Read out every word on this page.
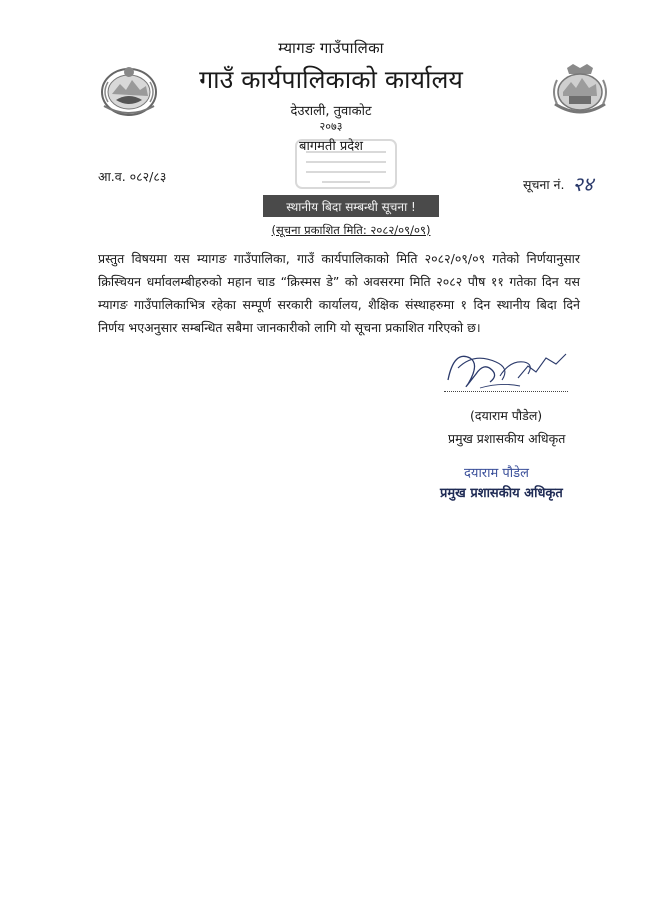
म्यागङ गाउँपालिका
गाउँ कार्यपालिकाको कार्यालय
देउराली, तुवाकोट
२०७३
बागमती प्रदेश
आ.व. ०८२/८३
सूचना नं. २४
स्थानीय बिदा सम्बन्धी सूचना !
(सूचना प्रकाशित मिति: २०८२/०९/०९)
प्रस्तुत विषयमा यस म्यागङ गाउँपालिका, गाउँ कार्यपालिकाको मिति २०८२/०९/०९ गतेको निर्णयानुसार क्रिस्चियन धर्मावलम्बीहरुको महान चाड “क्रिस्मस डे” को अवसरमा मिति २०८२ पौष ११ गतेका दिन यस म्यागङ गाउँपालिकाभित्र रहेका सम्पूर्ण सरकारी कार्यालय, शैक्षिक संस्थाहरुमा १ दिन स्थानीय बिदा दिने निर्णय भएअनुसार सम्बन्धित सबैमा जानकारीको लागि यो सूचना प्रकाशित गरिएको छ।
(दयाराम पौडेल)
प्रमुख प्रशासकीय अधिकृत
दयाराम पौडेल
प्रमुख प्रशासकीय अधिकृत
